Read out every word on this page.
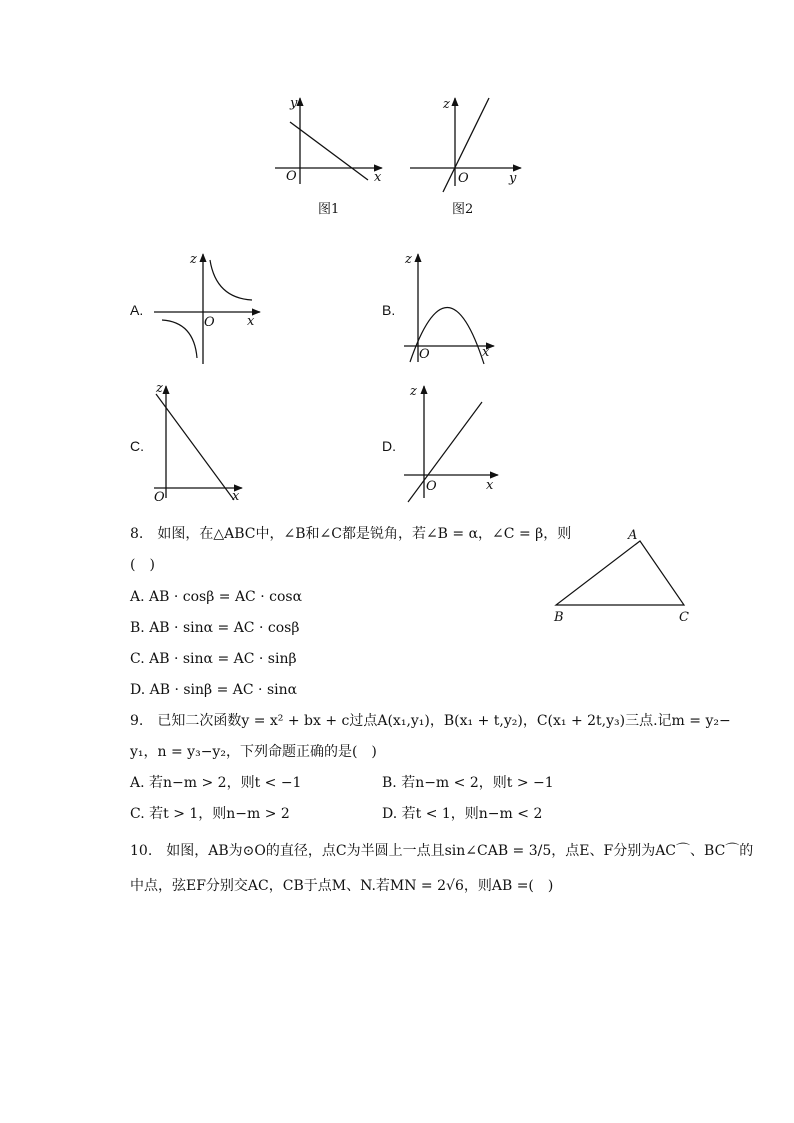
O	x
y
图1
O	y
z
图2
A.
O x
z
B.
O	x
z
C.
O	x
z
D.
O	x
z
8.　如图，在△ABC中，∠B和∠C都是锐角，若∠B = α，∠C = β，则
(　)
A. AB · cosβ = AC · cosα
B. AB · sinα = AC · cosβ
C. AB · sinα = AC · sinβ
D. AB · sinβ = AC · sinα
A
B	C
9.　已知二次函数y = x² + bx + c过点A(x₁,y₁)，B(x₁ + t,y₂)，C(x₁ + 2t,y₃)三点.记m = y₂−
y₁，n = y₃−y₂，下列命题正确的是(　)
A. 若n−m > 2，则t < −1	B. 若n−m < 2，则t > −1
C. 若t > 1，则n−m > 2	D. 若t < 1，则n−m < 2
10.　如图，AB为⊙O的直径，点C为半圆上一点且sin∠CAB = 3/5，点E、F分别为AC⌒、BC⌒的
中点，弦EF分别交AC，CB于点M、N.若MN = 2√6，则AB =(　)
